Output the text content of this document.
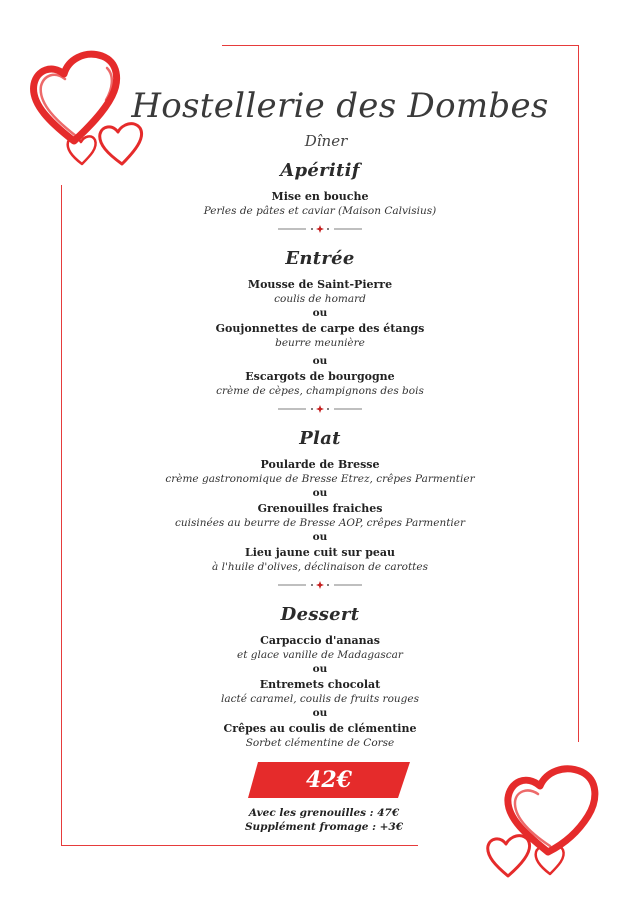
Hostellerie des Dombes
Dîner
Apéritif
Mise en bouche
Perles de pâtes et caviar (Maison Calvisius)
Entrée
Mousse de Saint-Pierre
coulis de homard
ou
Goujonnettes de carpe des étangs
beurre meunière
ou
Escargots de bourgogne
crème de cèpes, champignons des bois
Plat
Poularde de Bresse
crème gastronomique de Bresse Etrez, crêpes Parmentier
ou
Grenouilles fraiches
cuisinées au beurre de Bresse AOP, crêpes Parmentier
ou
Lieu jaune cuit sur peau
à l'huile d'olives, déclinaison de carottes
Dessert
Carpaccio d'ananas
et glace vanille de Madagascar
ou
Entremets chocolat
lacté caramel, coulis de fruits rouges
ou
Crêpes au coulis de clémentine
Sorbet clémentine de Corse
42€
Avec les grenouilles : 47€
Supplément fromage : +3€
